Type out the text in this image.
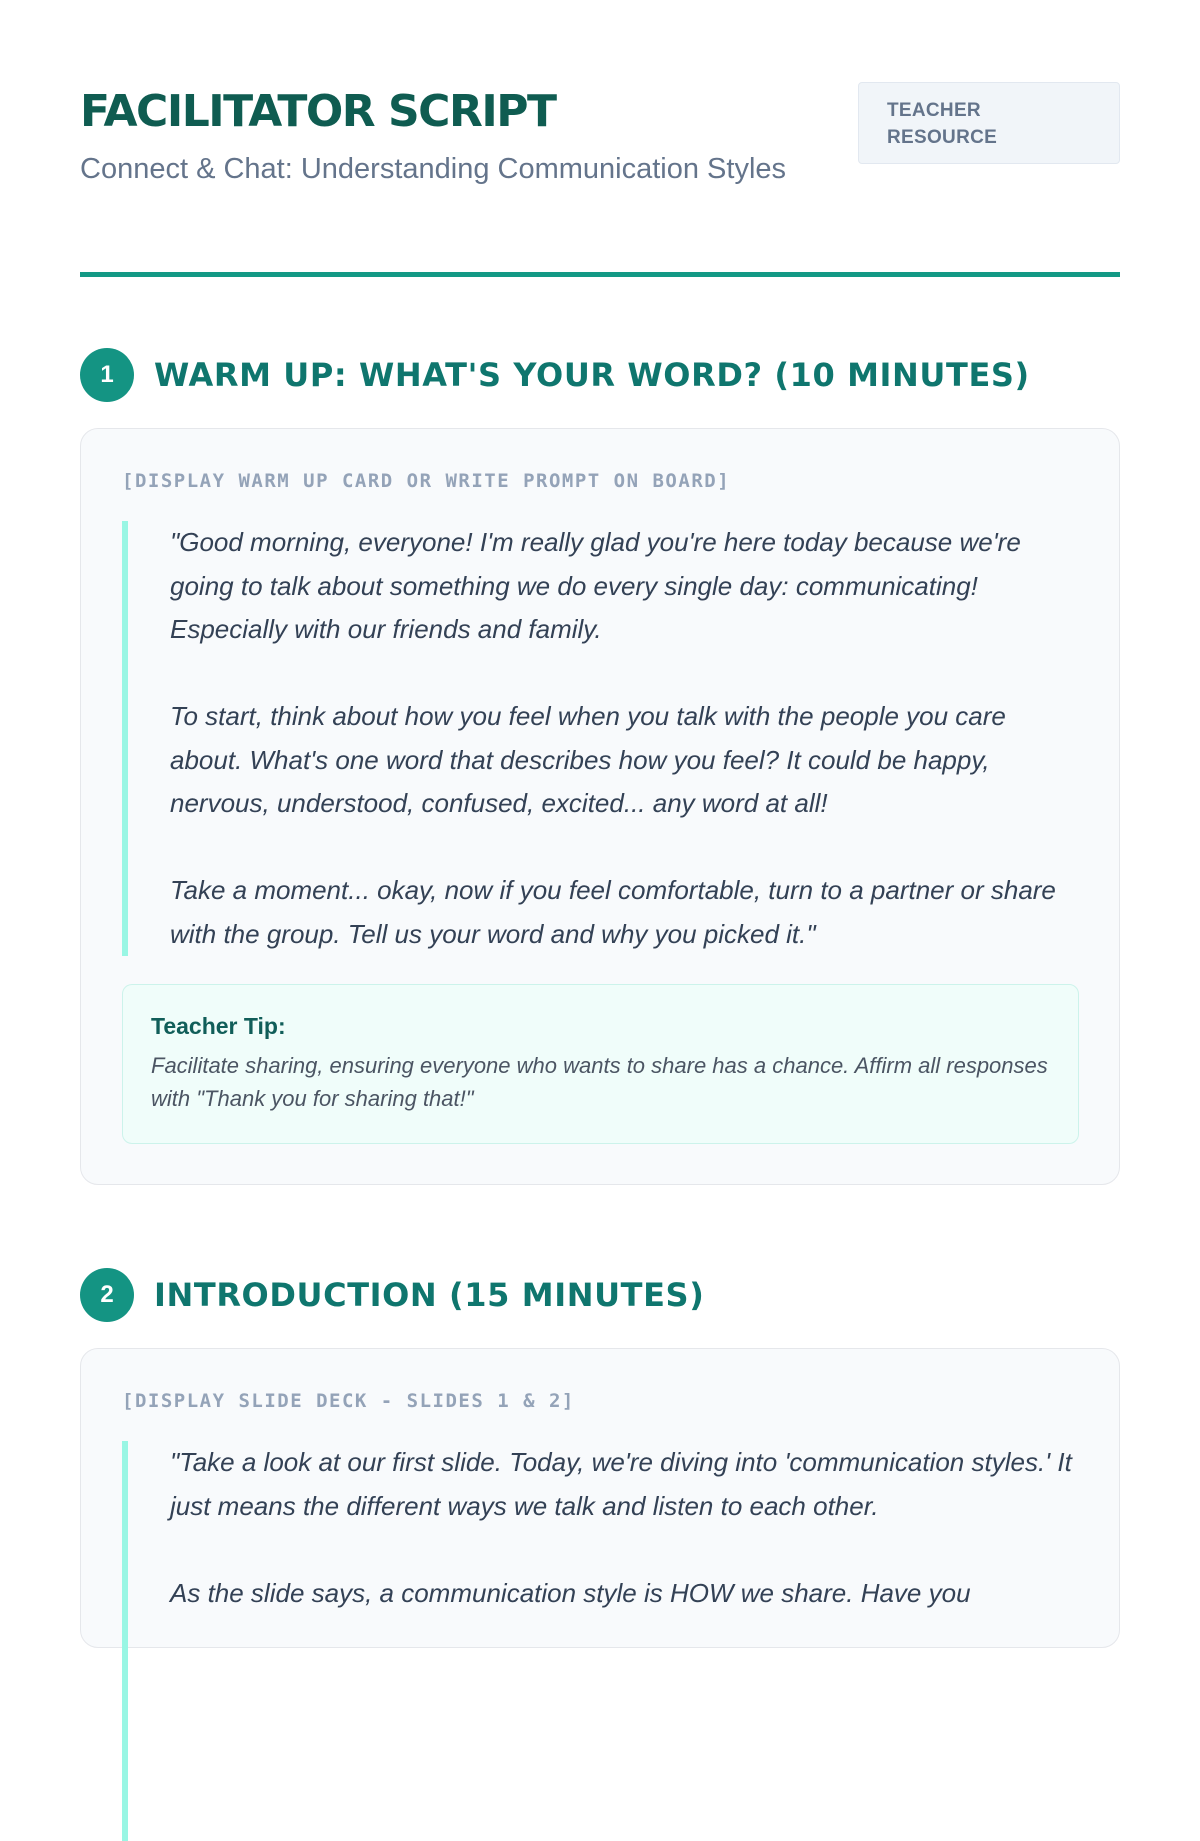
FACILITATOR SCRIPT
Connect & Chat: Understanding Communication Styles
TEACHER RESOURCE
1	WARM UP: WHAT'S YOUR WORD? (10 MINUTES)
[DISPLAY WARM UP CARD OR WRITE PROMPT ON BOARD]

"Good morning, everyone! I'm really glad you're here today because we're going to talk about something we do every single day: communicating! Especially with our friends and family.

To start, think about how you feel when you talk with the people you care about. What's one word that describes how you feel? It could be happy, nervous, understood, confused, excited... any word at all!

Take a moment... okay, now if you feel comfortable, turn to a partner or share with the group. Tell us your word and why you picked it."

Teacher Tip:
Facilitate sharing, ensuring everyone who wants to share has a chance. Affirm all responses with "Thank you for sharing that!"
2	INTRODUCTION (15 MINUTES)
[DISPLAY SLIDE DECK - SLIDES 1 & 2]

"Take a look at our first slide. Today, we're diving into 'communication styles.' It just means the different ways we talk and listen to each other.

As the slide says, a communication style is HOW we share. Have you
